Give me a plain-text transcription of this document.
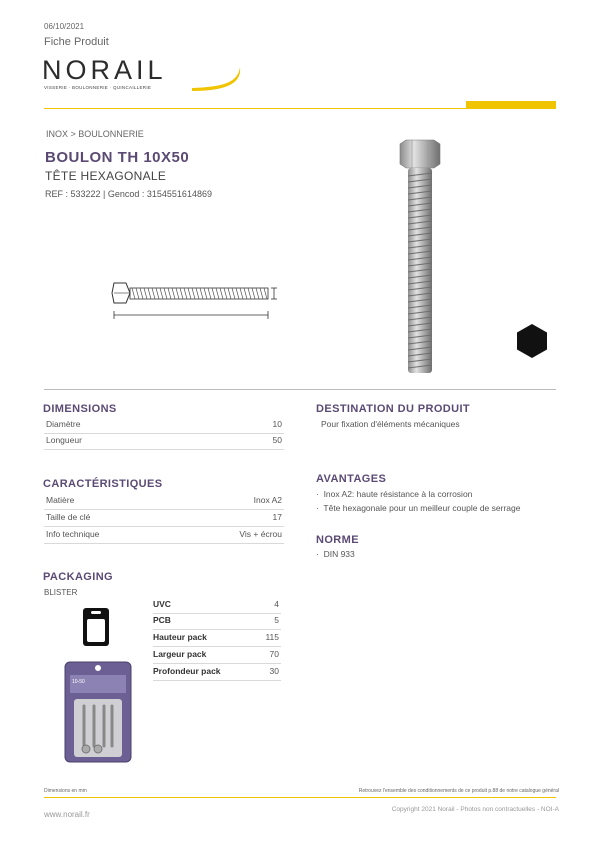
06/10/2021
Fiche Produit
NORAIL
VISSERIE · BOULONNERIE · QUINCAILLERIE
INOX > BOULONNERIE
BOULON TH 10X50
TÊTE HEXAGONALE
REF : 533222 | Gencod : 3154551614869
DIMENSIONS
Diamètre	10
Longueur	50
CARACTÉRISTIQUES
Matière	Inox A2
Taille de clé	17
Info technique	Vis + écrou
PACKAGING
BLISTER
10-50
UVC	4
PCB	5
Hauteur pack	115
Largeur pack	70
Profondeur pack	30
DESTINATION DU PRODUIT
Pour fixation d'éléments mécaniques
AVANTAGES
·  Inox A2: haute résistance à la corrosion
·  Tête hexagonale pour un meilleur couple de serrage
NORME
·  DIN 933
Dimensions en mm	Retrouvez l'ensemble des conditionnements de ce produit p.88 de notre catalogue général
www.norail.fr
Copyright 2021 Norail - Photos non contractuelles - NOI-A
